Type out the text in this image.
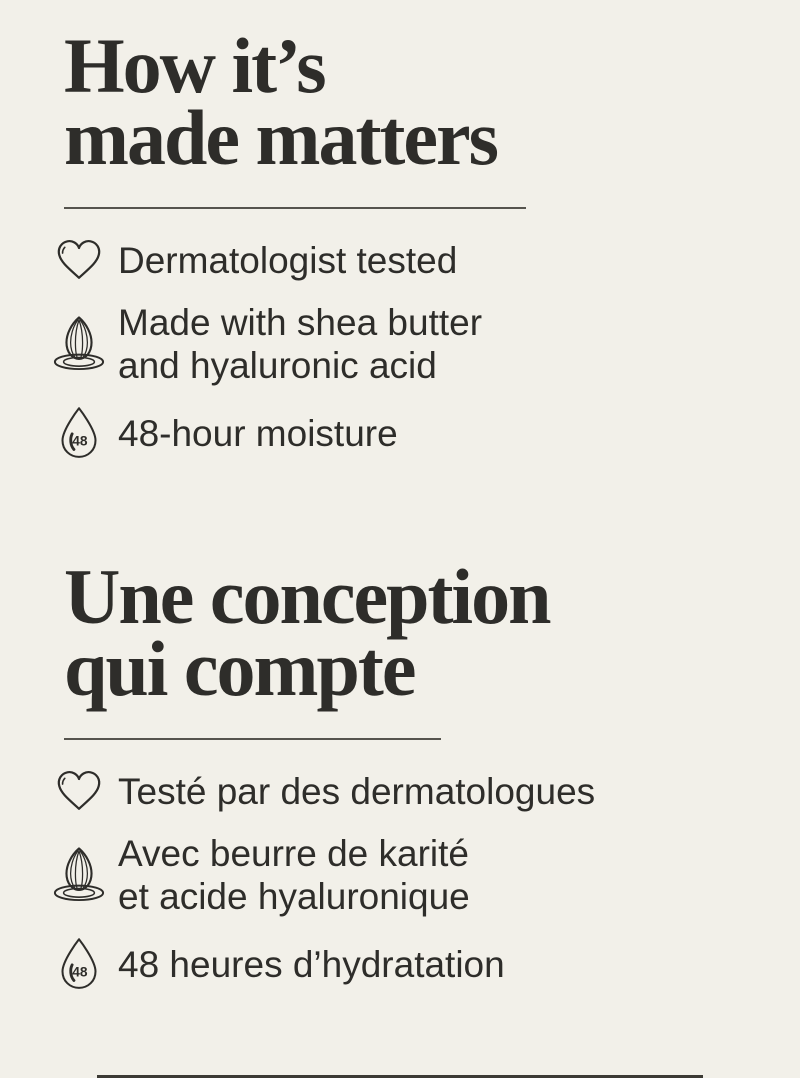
How it’s
made matters
Dermatologist tested
Made with shea butter
and hyaluronic acid
48 48-hour moisture
Une conception
qui compte
Testé par des dermatologues
Avec beurre de karité
et acide hyaluronique
48 48 heures d’hydratation
